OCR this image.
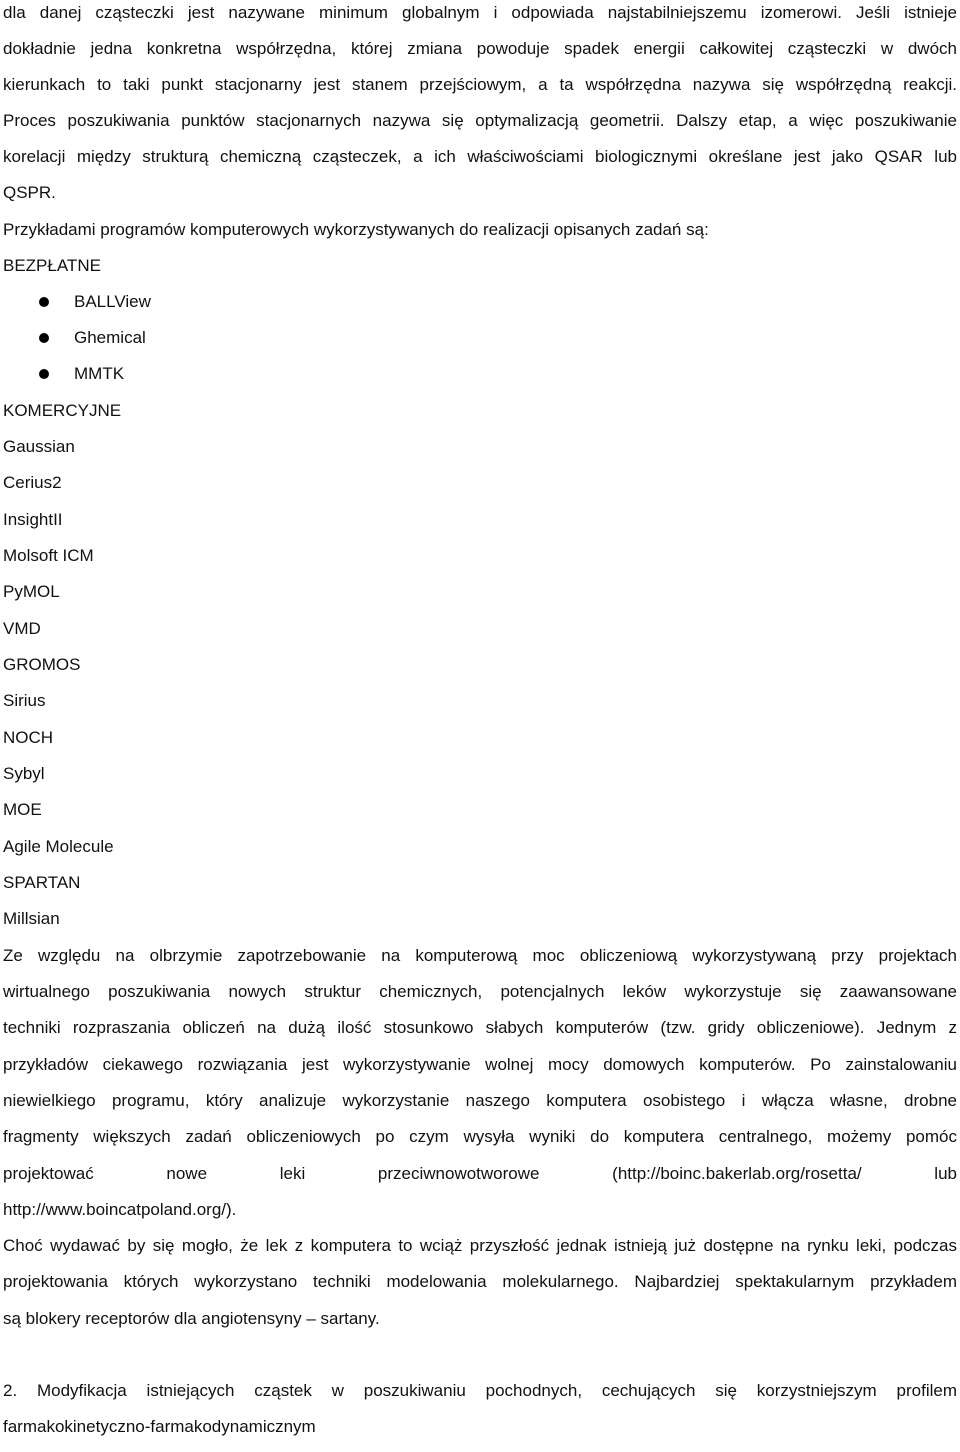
dla danej cząsteczki jest nazywane minimum globalnym i odpowiada najstabilniejszemu izomerowi. Jeśli istnieje
dokładnie jedna konkretna współrzędna, której zmiana powoduje spadek energii całkowitej cząsteczki w dwóch
kierunkach to taki punkt stacjonarny jest stanem przejściowym, a ta współrzędna nazywa się współrzędną reakcji.
Proces poszukiwania punktów stacjonarnych nazywa się optymalizacją geometrii. Dalszy etap, a więc poszukiwanie
korelacji między strukturą chemiczną cząsteczek, a ich właściwościami biologicznymi określane jest jako QSAR lub
QSPR.
Przykładami programów komputerowych wykorzystywanych do realizacji opisanych zadań są:
BEZPŁATNE
BALLView
Ghemical
MMTK
KOMERCYJNE
Gaussian
Cerius2
InsightII
Molsoft ICM
PyMOL
VMD
GROMOS
Sirius
NOCH
Sybyl
MOE
Agile Molecule
SPARTAN
Millsian
Ze względu na olbrzymie zapotrzebowanie na komputerową moc obliczeniową wykorzystywaną przy projektach
wirtualnego poszukiwania nowych struktur chemicznych, potencjalnych leków wykorzystuje się zaawansowane
techniki rozpraszania obliczeń na dużą ilość stosunkowo słabych komputerów (tzw. gridy obliczeniowe). Jednym z
przykładów ciekawego rozwiązania jest wykorzystywanie wolnej mocy domowych komputerów. Po zainstalowaniu
niewielkiego programu, który analizuje wykorzystanie naszego komputera osobistego i włącza własne, drobne
fragmenty większych zadań obliczeniowych po czym wysyła wyniki do komputera centralnego, możemy pomóc
projektować nowe leki przeciwnowotworowe (http://boinc.bakerlab.org/rosetta/ lub
http://www.boincatpoland.org/).
Choć wydawać by się mogło, że lek z komputera to wciąż przyszłość jednak istnieją już dostępne na rynku leki, podczas
projektowania których wykorzystano techniki modelowania molekularnego. Najbardziej spektakularnym przykładem
są blokery receptorów dla angiotensyny – sartany.
2. Modyfikacja istniejących cząstek w poszukiwaniu pochodnych, cechujących się korzystniejszym profilem
farmakokinetyczno-farmakodynamicznym
